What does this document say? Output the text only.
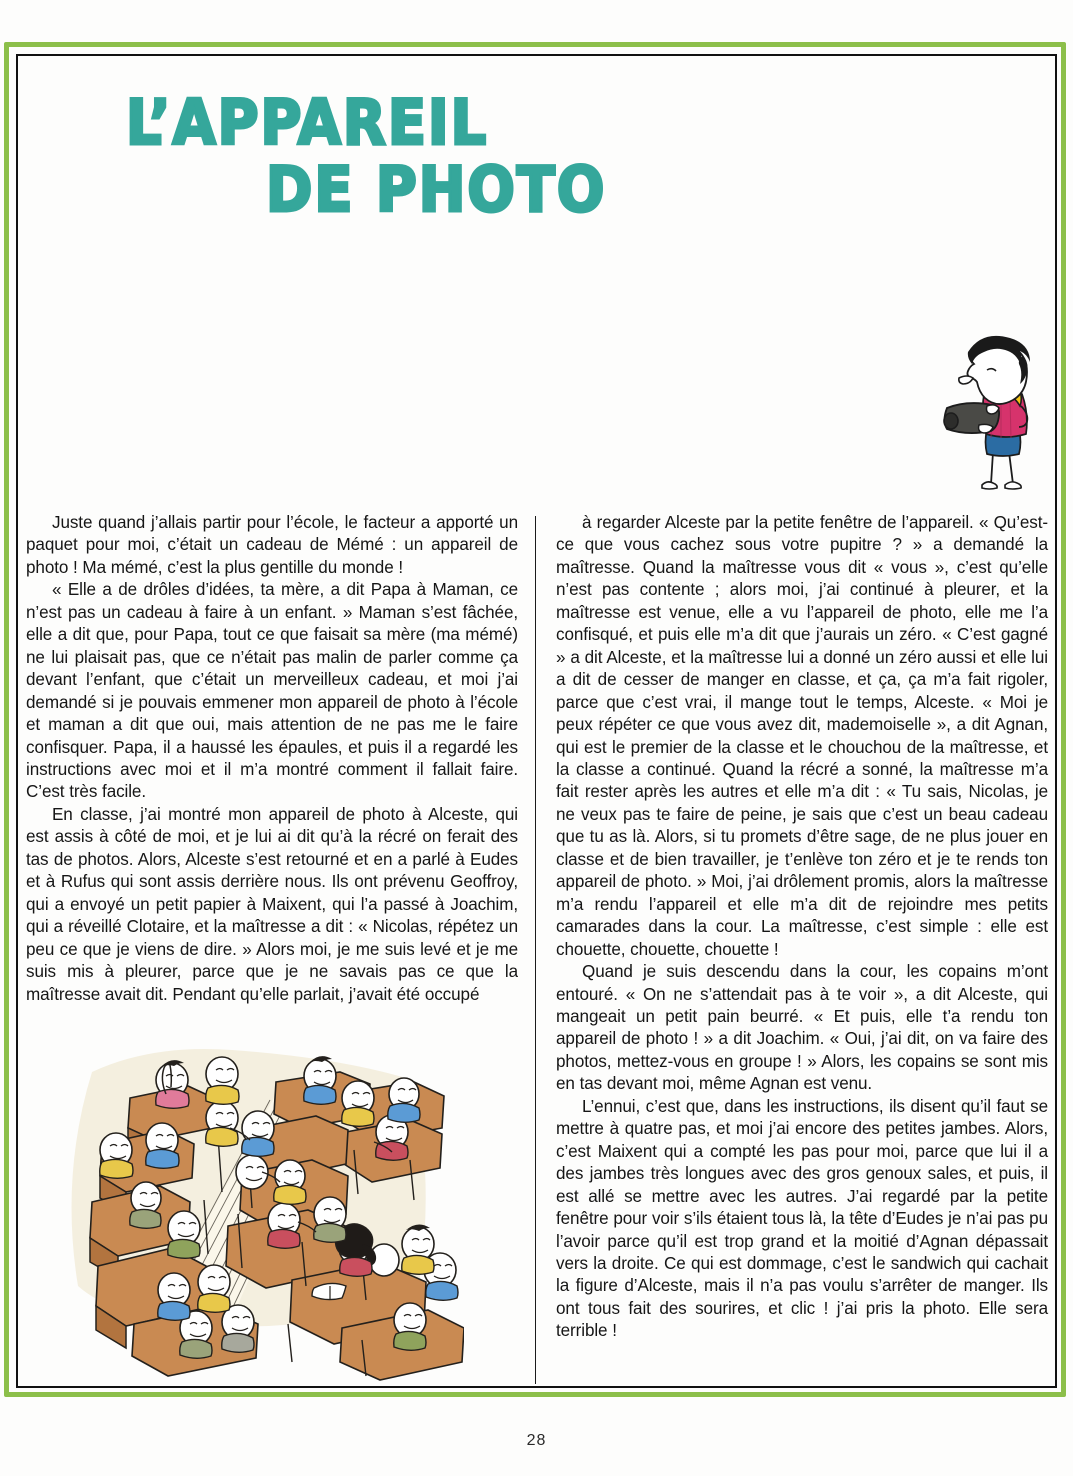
L’APPAREIL
DE PHOTO

Juste quand j’allais partir pour l’école, le facteur a apporté un paquet pour moi, c’était un cadeau de Mémé : un appareil de photo ! Ma mémé, c’est la plus gentille du monde !

« Elle a de drôles d’idées, ta mère, a dit Papa à Maman, ce n’est pas un cadeau à faire à un enfant. » Maman s’est fâchée, elle a dit que, pour Papa, tout ce que faisait sa mère (ma mémé) ne lui plaisait pas, que ce n’était pas malin de parler comme ça devant l’enfant, que c’était un merveilleux cadeau, et moi j’ai demandé si je pouvais emmener mon appareil de photo à l’école et maman a dit que oui, mais attention de ne pas me le faire confisquer. Papa, il a haussé les épaules, et puis il a regardé les instructions avec moi et il m’a montré comment il fallait faire. C’est très facile.

En classe, j’ai montré mon appareil de photo à Alceste, qui est assis à côté de moi, et je lui ai dit qu’à la récré on ferait des tas de photos. Alors, Alceste s’est retourné et en a parlé à Eudes et à Rufus qui sont assis derrière nous. Ils ont prévenu Geoffroy, qui a envoyé un petit papier à Maixent, qui l’a passé à Joachim, qui a réveillé Clotaire, et la maîtresse a dit : « Nicolas, répétez un peu ce que je viens de dire. » Alors moi, je me suis levé et je me suis mis à pleurer, parce que je ne savais pas ce que la maîtresse avait dit. Pendant qu’elle parlait, j’avait été occupé

à regarder Alceste par la petite fenêtre de l’appareil. « Qu’est-ce que vous cachez sous votre pupitre ? » a demandé la maîtresse. Quand la maîtresse vous dit « vous », c’est qu’elle n’est pas contente ; alors moi, j’ai continué à pleurer, et la maîtresse est venue, elle a vu l’appareil de photo, elle me l’a confisqué, et puis elle m’a dit que j’aurais un zéro. « C’est gagné » a dit Alceste, et la maîtresse lui a donné un zéro aussi et elle lui a dit de cesser de manger en classe, et ça, ça m’a fait rigoler, parce que c’est vrai, il mange tout le temps, Alceste. « Moi je peux répéter ce que vous avez dit, mademoiselle », a dit Agnan, qui est le premier de la classe et le chouchou de la maîtresse, et la classe a continué. Quand la récré a sonné, la maîtresse m’a fait rester après les autres et elle m’a dit : « Tu sais, Nicolas, je ne veux pas te faire de peine, je sais que c’est un beau cadeau que tu as là. Alors, si tu promets d’être sage, de ne plus jouer en classe et de bien travailler, je t’enlève ton zéro et je te rends ton appareil de photo. » Moi, j’ai drôlement promis, alors la maîtresse m’a rendu l’appareil et elle m’a dit de rejoindre mes petits camarades dans la cour. La maîtresse, c’est simple : elle est chouette, chouette, chouette !

Quand je suis descendu dans la cour, les copains m’ont entouré. « On ne s’attendait pas à te voir », a dit Alceste, qui mangeait un petit pain beurré. « Et puis, elle t’a rendu ton appareil de photo ! » a dit Joachim. « Oui, j’ai dit, on va faire des photos, mettez-vous en groupe ! » Alors, les copains se sont mis en tas devant moi, même Agnan est venu.

L’ennui, c’est que, dans les instructions, ils disent qu’il faut se mettre à quatre pas, et moi j’ai encore des petites jambes. Alors, c’est Maixent qui a compté les pas pour moi, parce que lui il a des jambes très longues avec des gros genoux sales, et puis, il est allé se mettre avec les autres. J’ai regardé par la petite fenêtre pour voir s’ils étaient tous là, la tête d’Eudes je n’ai pas pu l’avoir parce qu’il est trop grand et la moitié d’Agnan dépassait vers la droite. Ce qui est dommage, c’est le sandwich qui cachait la figure d’Alceste, mais il n’a pas voulu s’arrêter de manger. Ils ont tous fait des sourires, et clic ! j’ai pris la photo. Elle sera terrible !

28
